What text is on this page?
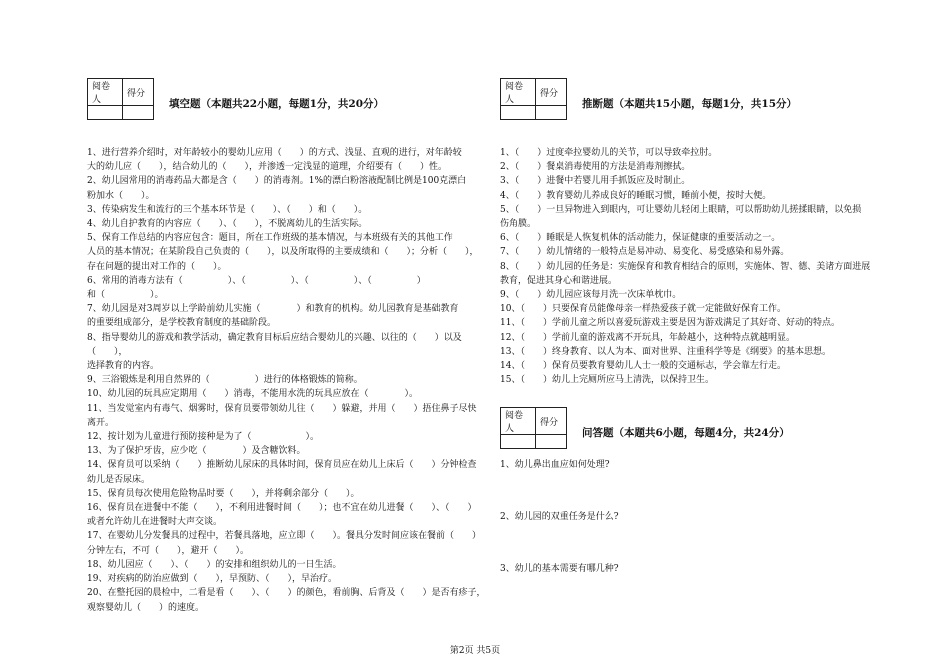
阅卷人	得分

填空题（本题共22小题，每题1分，共20分）
1、进行营养介绍时，对年龄较小的婴幼儿应用（　　）的方式、浅显、直观的进行，对年龄较
大的幼儿应（　　），结合幼儿的（　　），并渗透一定浅显的道理，介绍要有（　　）性。
2、幼儿园常用的消毒药品大都是含（　　）的消毒剂。1%的漂白粉溶液配制比例是100克漂白
粉加水（　　）。
3、传染病发生和流行的三个基本环节是（　　）、（　　）和（　　）。
4、幼儿自护教育的内容应（　　）、（　　），不脱离幼儿的生活实际。
5、保育工作总结的内容应包含：题目，所在工作班级的基本情况，与本班级有关的其他工作
人员的基本情况；在某阶段自己负责的（　　），以及所取得的主要成绩和（　　）；分析（　　），
存在问题的提出对工作的（　　）。
6、常用的消毒方法有（　　　　　）、（　　　　　）、（　　　　　）、（　　　　　）
和（　　　　　）。
7、幼儿园是对3周岁以上学龄前幼儿实施（　　　　）和教育的机构。幼儿园教育是基础教育
的重要组成部分，是学校教育制度的基础阶段。
8、指导婴幼儿的游戏和教学活动，确定教育目标后应结合婴幼儿的兴趣、以往的（　　）以及（　　），
选择教育的内容。
9、三浴锻炼是利用自然界的（　　　　　）进行的体格锻炼的简称。
10、幼儿园的玩具应定期用（　　）消毒，不能用水洗的玩具应放在（　　　　）。
11、当发觉室内有毒气、烟雾时，保育员要带领幼儿往（　　）躲避，并用（　　）捂住鼻子尽快
离开。
12、按计划为儿童进行预防接种是为了（　　　　　　）。
13、为了保护牙齿，应少吃（　　　　）及含糖饮料。
14、保育员可以采纳（　　）推断幼儿尿床的具体时间，保育员应在幼儿上床后（　　）分钟检查
幼儿是否尿床。
15、保育员每次使用危险物品时要（　　），并将剩余部分（　　）。
16、保育员在进餐中不能（　　），不利用进餐时间（　　）；也不宜在幼儿进餐（　　）、（　　）
或者允许幼儿在进餐时大声交谈。
17、在婴幼儿分发餐具的过程中，若餐具落地，应立即（　　）。餐具分发时间应该在餐前（　　）
分钟左右，不可（　　），避开（　　）。
18、幼儿园应（　　）、（　　）的安排和组织幼儿的一日生活。
19、对疾病的防治应做到（　　），早预防、（　　），早治疗。
20、在整托园的晨检中，二看是看（　　）、（　　）的颜色，看前胸、后背及（　　）是否有疹子，
观察婴幼儿（　　）的速度。
阅卷人	得分

推断题（本题共15小题，每题1分，共15分）
1、（　　）过度牵拉婴幼儿的关节，可以导致牵拉肘。
2、（　　）餐桌消毒使用的方法是消毒剂擦拭。
3、（　　）进餐中若婴儿用手抓饭应及时制止。
4、（　　）教育婴幼儿养成良好的睡眠习惯，睡前小便，按时大便。
5、（　　）一旦异物进入到眼内，可让婴幼儿轻闭上眼睛，可以帮助幼儿搓揉眼睛，以免损
伤角膜。
6、（　　）睡眠是人恢复机体的活动能力，保证健康的重要活动之一。
7、（　　）幼儿情绪的一般特点是易冲动、易变化、易受感染和易外露。
8、（　　）幼儿园的任务是：实施保育和教育相结合的原则，实施体、智、德、美诸方面进展
教育，促进其身心和谐进展。
9、（　　）幼儿园应该每月洗一次床单枕巾。
10、（　　）只要保育员能像母亲一样热爱孩子就一定能做好保育工作。
11、（　　）学前儿童之所以喜爱玩游戏主要是因为游戏满足了其好奇、好动的特点。
12、（　　）学前儿童的游戏离不开玩具，年龄越小，这种特点就越明显。
13、（　　）终身教育、以人为本、面对世界、注重科学等是《纲要》的基本思想。
14、（　　）保育员要教育婴幼儿人士一般的交通标志，学会靠左行走。
15、（　　）幼儿上完厕所应马上清洗，以保持卫生。
阅卷人	得分

问答题（本题共6小题，每题4分，共24分）
1、幼儿鼻出血应如何处理?
2、幼儿园的双重任务是什么?
3、幼儿的基本需要有哪几种?
第2页 共5页
